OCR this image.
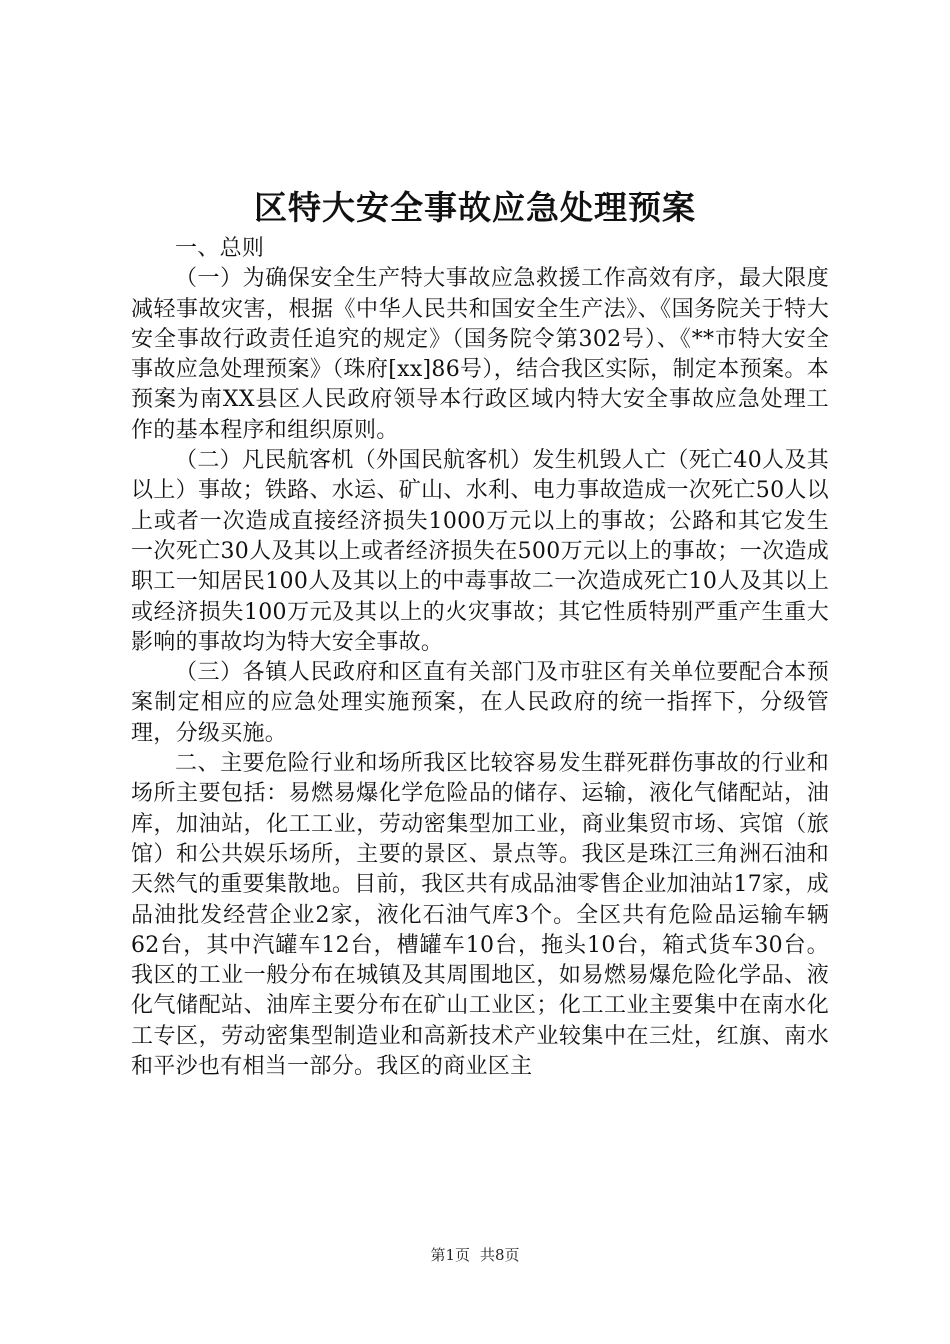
区特大安全事故应急处理预案

一、总则

（一）为确保安全生产特大事故应急救援工作高效有序，最大限度减轻事故灾害，根据《中华人民共和国安全生产法》、《国务院关于特大安全事故行政责任追究的规定》（国务院令第302号）、《**市特大安全事故应急处理预案》（珠府[xx]86号），结合我区实际，制定本预案。本预案为南XX县区人民政府领导本行政区域内特大安全事故应急处理工作的基本程序和组织原则。

（二）凡民航客机（外国民航客机）发生机毁人亡（死亡40人及其以上）事故；铁路、水运、矿山、水利、电力事故造成一次死亡50人以上或者一次造成直接经济损失1000万元以上的事故；公路和其它发生一次死亡30人及其以上或者经济损失在500万元以上的事故；一次造成职工一知居民100人及其以上的中毒事故二一次造成死亡10人及其以上或经济损失100万元及其以上的火灾事故；其它性质特别严重产生重大影响的事故均为特大安全事故。

（三）各镇人民政府和区直有关部门及市驻区有关单位要配合本预案制定相应的应急处理实施预案，在人民政府的统一指挥下，分级管理，分级买施。

二、主要危险行业和场所我区比较容易发生群死群伤事故的行业和场所主要包括：易燃易爆化学危险品的储存、运输，液化气储配站，油库，加油站，化工工业，劳动密集型加工业，商业集贸市场、宾馆（旅馆）和公共娱乐场所，主要的景区、景点等。我区是珠江三角洲石油和天然气的重要集散地。目前，我区共有成品油零售企业加油站17家，成品油批发经营企业2家，液化石油气库3个。全区共有危险品运输车辆62台，其中汽罐车12台，槽罐车10台，拖头10台，箱式货车30台。我区的工业一般分布在城镇及其周围地区，如易燃易爆危险化学品、液化气储配站、油库主要分布在矿山工业区；化工工业主要集中在南水化工专区，劳动密集型制造业和高新技术产业较集中在三灶，红旗、南水和平沙也有相当一部分。我区的商业区主

第1页 共8页
